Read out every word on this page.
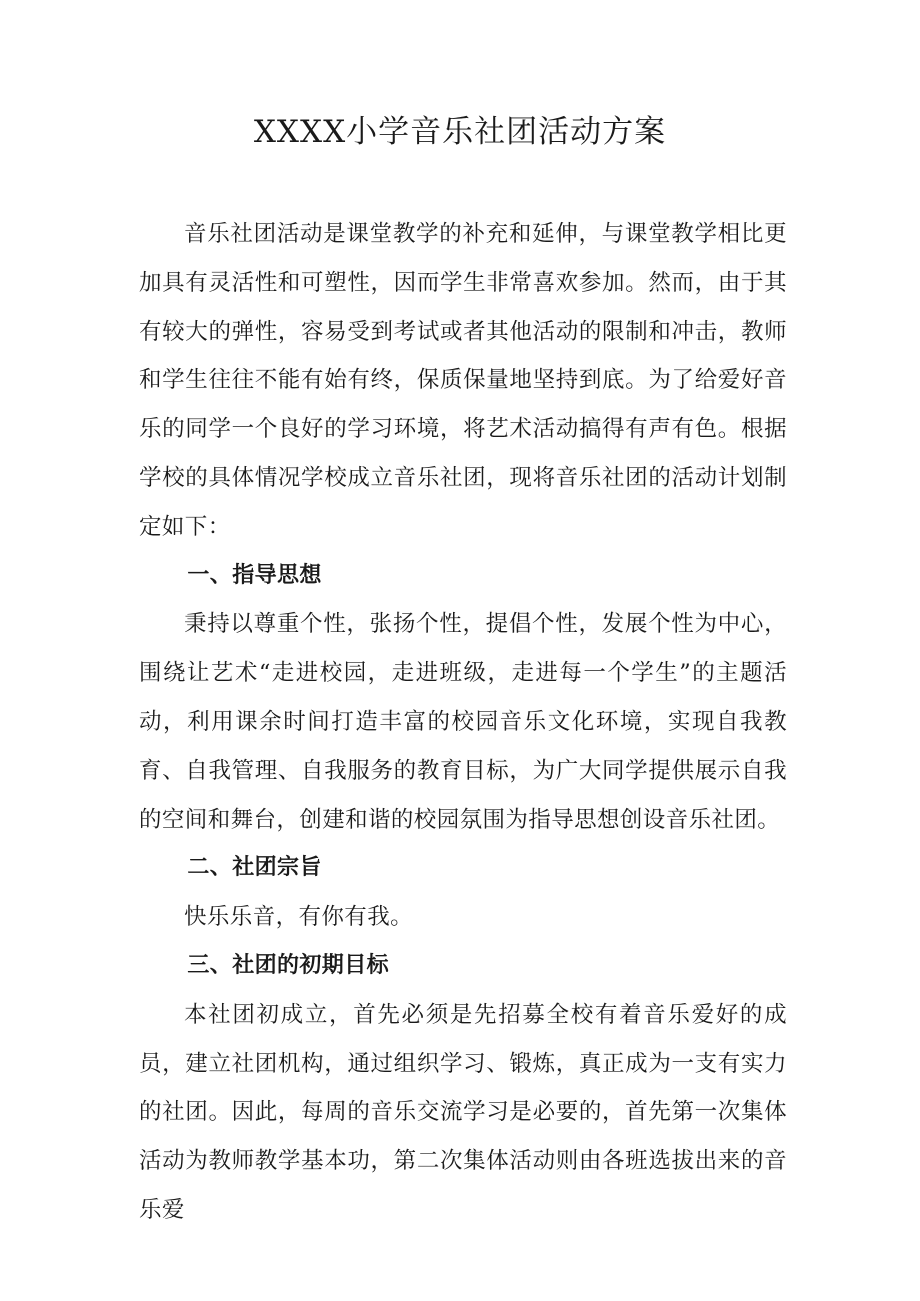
XXXX小学音乐社团活动方案

音乐社团活动是课堂教学的补充和延伸，与课堂教学相比更加具有灵活性和可塑性，因而学生非常喜欢参加。然而，由于其有较大的弹性，容易受到考试或者其他活动的限制和冲击，教师和学生往往不能有始有终，保质保量地坚持到底。为了给爱好音乐的同学一个良好的学习环境，将艺术活动搞得有声有色。根据学校的具体情况学校成立音乐社团，现将音乐社团的活动计划制定如下：

一、指导思想

秉持以尊重个性，张扬个性，提倡个性，发展个性为中心，围绕让艺术“走进校园，走进班级，走进每一个学生”的主题活动，利用课余时间打造丰富的校园音乐文化环境，实现自我教育、自我管理、自我服务的教育目标，为广大同学提供展示自我的空间和舞台，创建和谐的校园氛围为指导思想创设音乐社团。

二、社团宗旨

快乐乐音，有你有我。

三、社团的初期目标

本社团初成立，首先必须是先招募全校有着音乐爱好的成员，建立社团机构，通过组织学习、锻炼，真正成为一支有实力的社团。因此，每周的音乐交流学习是必要的，首先第一次集体活动为教师教学基本功，第二次集体活动则由各班选拔出来的音乐爱
